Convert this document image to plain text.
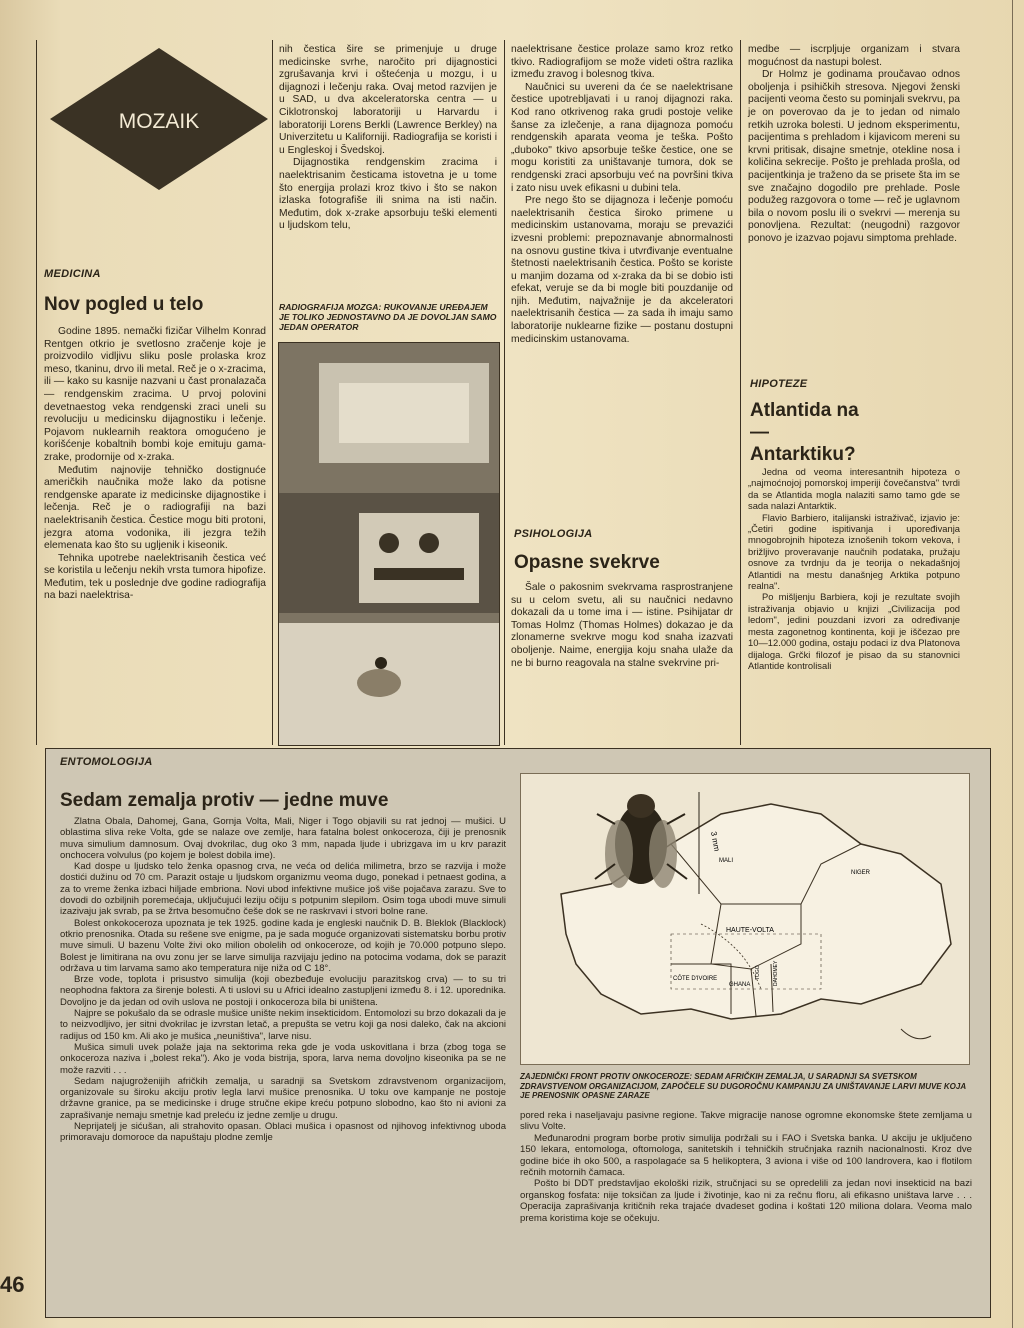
MOZAIK
MEDICINA
Nov pogled u telo

Godine 1895. nemački fizičar Vilhelm Konrad Rentgen otkrio je svetlosno zračenje koje je proizvodilo vidljivu sliku posle prolaska kroz meso, tkaninu, drvo ili metal. Reč je o x-zracima, ili — kako su kasnije nazvani u čast pronalazača — rendgenskim zracima. U prvoj polovini devetnaestog veka rendgenski zraci uneli su revoluciju u medicinsku dijagnostiku i lečenje. Pojavom nuklearnih reaktora omogućeno je korišćenje kobaltnih bombi koje emituju gama-zrake, prodornije od x-zraka.

Međutim najnovije tehničko dostignuće američkih naučnika može lako da potisne rendgenske aparate iz medicinske dijagnostike i lečenja. Reč je o radiografiji na bazi naelektrisanih čestica. Čestice mogu biti protoni, jezgra atoma vodonika, ili jezgra težih elemenata kao što su ugljenik i kiseonik.

Tehnika upotrebe naelektrisanih čestica već se koristila u lečenju nekih vrsta tumora hipofize. Međutim, tek u poslednje dve godine radiografija na bazi naelektrisa-

nih čestica šire se primenjuje u druge medicinske svrhe, naročito pri dijagnostici zgrušavanja krvi i oštećenja u mozgu, i u dijagnozi i lečenju raka. Ovaj metod razvijen je u SAD, u dva akceleratorska centra — u Ciklotronskoj laboratoriji u Harvardu i laboratoriji Lorens Berkli (Lawrence Berkley) na Univerzitetu u Kaliforniji. Radiografija se koristi i u Engleskoj i Švedskoj.

Dijagnostika rendgenskim zracima i naelektrisanim česticama istovetna je u tome što energija prolazi kroz tkivo i što se nakon izlaska fotografiše ili snima na isti način. Međutim, dok x-zrake apsorbuju teški elementi u ljudskom telu,

RADIOGRAFIJA MOZGA: RUKOVANJE UREĐAJEM JE TOLIKO JEDNOSTAVNO DA JE DOVOLJAN SAMO JEDAN OPERATOR

naelektrisane čestice prolaze samo kroz retko tkivo. Radiografijom se može videti oštra razlika između zravog i bolesnog tkiva.

Naučnici su uvereni da će se naelektrisane čestice upotrebljavati i u ranoj dijagnozi raka. Kod rano otkrivenog raka grudi postoje velike šanse za izlečenje, a rana dijagnoza pomoću rendgenskih aparata veoma je teška. Pošto „duboko" tkivo apsorbuje teške čestice, one se mogu koristiti za uništavanje tumora, dok se rendgenski zraci apsorbuju već na površini tkiva i zato nisu uvek efikasni u dubini tela.

Pre nego što se dijagnoza i lečenje pomoću naelektrisanih čestica široko primene u medicinskim ustanovama, moraju se prevazići izvesni problemi: prepoznavanje abnormalnosti na osnovu gustine tkiva i utvrđivanje eventualne štetnosti naelektrisanih čestica. Pošto se koriste u manjim dozama od x-zraka da bi se dobio isti efekat, veruje se da bi mogle biti pouzdanije od njih. Međutim, najvažnije je da akceleratori naelektrisanih čestica — za sada ih imaju samo laboratorije nuklearne fizike — postanu dostupni medicinskim ustanovama.

PSIHOLOGIJA
Opasne svekrve

Šale o pakosnim svekrvama rasprostranjene su u celom svetu, ali su naučnici nedavno dokazali da u tome ima i — istine. Psihijatar dr Tomas Holmz (Thomas Holmes) dokazao je da zlonamerne svekrve mogu kod snaha izazvati oboljenje. Naime, energija koju snaha ulaže da ne bi burno reagovala na stalne svekrvine pri-

medbe — iscrpljuje organizam i stvara mogućnost da nastupi bolest.

Dr Holmz je godinama proučavao odnos oboljenja i psihičkih stresova. Njegovi ženski pacijenti veoma često su pominjali svekrvu, pa je on poverovao da je to jedan od nimalo retkih uzroka bolesti. U jednom eksperimentu, pacijentima s prehladom i kijavicom mereni su krvni pritisak, disajne smetnje, otekline nosa i količina sekrecije. Pošto je prehlada prošla, od pacijentkinja je traženo da se prisete šta im se sve značajno dogodilo pre prehlade. Posle podužeg razgovora o tome — reč je uglavnom bila o novom poslu ili o svekrvi — merenja su ponovljena. Rezultat: (neugodni) razgovor ponovo je izazvao pojavu simptoma prehlade.

HIPOTEZE
Atlantida na — Antarktiku?

Jedna od veoma interesantnih hipoteza o „najmoćnojoj pomorskoj imperiji čovečanstva" tvrdi da se Atlantida mogla nalaziti samo tamo gde se sada nalazi Antarktik.

Flavio Barbiero, italijanski istraživač, izjavio je: „Četiri godine ispitivanja i upoređivanja mnogobrojnih hipoteza iznošenih tokom vekova, i brižljivo proveravanje naučnih podataka, pružaju osnove za tvrdnju da je teorija o nekadašnjoj Atlantidi na mestu današnjeg Arktika potpuno realna".

Po mišljenju Barbiera, koji je rezultate svojih istraživanja objavio u knjizi „Civilizacija pod ledom", jedini pouzdani izvori za određivanje mesta zagonetnog kontinenta, koji je iščezao pre 10—12.000 godina, ostaju podaci iz dva Platonova dijaloga. Grčki filozof je pisao da su stanovnici Atlantide kontrolisali

ENTOMOLOGIJA
Sedam zemalja protiv — jedne muve

Zlatna Obala, Dahomej, Gana, Gornja Volta, Mali, Niger i Togo objavili su rat jednoj — mušici. U oblastima sliva reke Volta, gde se nalaze ove zemlje, hara fatalna bolest onkoceroza, čiji je prenosnik muva simulium damnosum. Ovaj dvokrilac, dug oko 3 mm, napada ljude i ubrizgava im u krv parazit onchocera volvulus (po kojem je bolest dobila ime).

Kad dospe u ljudsko telo ženka opasnog crva, ne veća od delića milimetra, brzo se razvija i može dostići dužinu od 70 cm. Parazit ostaje u ljudskom organizmu veoma dugo, ponekad i petnaest godina, a za to vreme ženka izbaci hiljade embriona. Novi ubod infektivne mušice još više pojačava zarazu. Sve to dovodi do ozbiljnih poremećaja, uključujući leziju očiju s potpunim slepilom. Osim toga ubodi muve simuli izazivaju jak svrab, pa se žrtva besomučno češe dok se ne raskrvavi i stvori bolne rane.

Bolest onkokoceroza upoznata je tek 1925. godine kada je engleski naučnik D. B. Bleklok (Blacklock) otkrio prenosnika. Otada su rešene sve enigme, pa je sada moguće organizovati sistematsku borbu protiv muve simuli. U bazenu Volte živi oko milion obolelih od onkoceroze, od kojih je 70.000 potpuno slepo. Bolest je limitirana na ovu zonu jer se larve simulija razvijaju jedino na potocima vodama, dok se parazit održava u tim larvama samo ako temperatura nije niža od C 18°.

Brze vode, toplota i prisustvo simulija (koji obezbeđuje evoluciju parazitskog crva) — to su tri neophodna faktora za širenje bolesti. A ti uslovi su u Africi idealno zastupljeni između 8. i 12. uporednika. Dovoljno je da jedan od ovih uslova ne postoji i onkoceroza bila bi uništena.

Najpre se pokušalo da se odrasle mušice unište nekim insekticidom. Entomolozi su brzo dokazali da je to neizvodljivo, jer sitni dvokrilac je izvrstan letač, a prepušta se vetru koji ga nosi daleko, čak na akcioni radijus od 150 km. Ali ako je mušica „neuništiva", larve nisu.

Mušica simuli uvek polaže jaja na sektorima reka gde je voda uskovitlana i brza (zbog toga se onkoceroza naziva i „bolest reka"). Ako je voda bistrija, spora, larva nema dovoljno kiseonika pa se ne može razviti . . .

Sedam najugroženijih afričkih zemalja, u saradnji sa Svetskom zdravstvenom organizacijom, organizovale su široku akciju protiv legla larvi mušice prenosnika. U toku ove kampanje ne postoje državne granice, pa se medicinske i druge stručne ekipe kreću potpuno slobodno, kao što ni avioni za zaprašivanje nemaju smetnje kad preleću iz jedne zemlje u drugu.

Neprijatelj je sićušan, ali strahovito opasan. Oblaci mušica i opasnost od njihovog infektivnog ubodа primoravaju domoroce da napuštaju plodne zemlje

3 mm
MALI
NIGER
HAUTE-VOLTA
CÔTE D'IVOIRE
GHANA
TOGO DAHOMEY
ZAJEDNIČKI FRONT PROTIV ONKOCEROZE: SEDAM AFRIČKIH ZEMALJA, U SARADNJI SA SVETSKOM ZDRAVSTVENOM ORGANIZACIJOM, ZAPOČELE SU DUGOROČNU KAMPANJU ZA UNIŠTAVANJE LARVI MUVE KOJA JE PRENOSNIK OPASNE ZARAZE

pored reka i naseljavaju pasivne regione. Takve migracije nanose ogromne ekonomske štete zemljama u slivu Volte.

Međunarodni program borbe protiv simulija podržali su i FAO i Svetska banka. U akciju je uključeno 150 lekara, entomologa, oftomologa, sanitetskih i tehničkih stručnjaka raznih nacionalnosti. Kroz dve godine biće ih oko 500, a raspolagaće sa 5 helikoptera, 3 aviona i više od 100 landrovera, kao i flotilom rečnih motornih čamaca.

Pošto bi DDT predstavljao ekološki rizik, stručnjaci su se opredelili za jedan novi insekticid na bazi organskog fosfata: nije toksičan za ljude i životinje, kao ni za rečnu floru, ali efikasno uništava larve . . . Operacija zaprašivanja kritičnih reka trajaće dvadeset godina i koštati 120 miliona dolara. Veoma malo prema koristima koje se očekuju.

46
